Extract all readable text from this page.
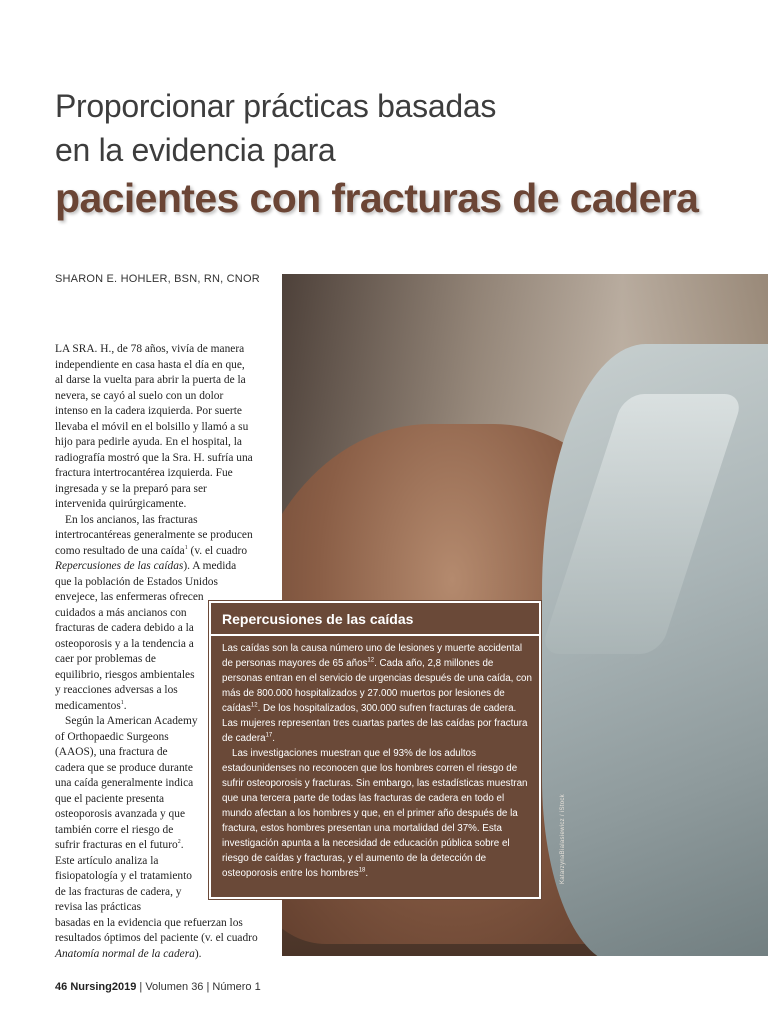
Proporcionar prácticas basadas
en la evidencia para
pacientes con fracturas de cadera
SHARON E. HOHLER, BSN, RN, CNOR
KatarzynaBialasiewicz / iStock

LA SRA. H., de 78 años, vivía de manera independiente en casa hasta el día en que, al darse la vuelta para abrir la puerta de la nevera, se cayó al suelo con un dolor intenso en la cadera izquierda. Por suerte llevaba el móvil en el bolsillo y llamó a su hijo para pedirle ayuda. En el hospital, la radiografía mostró que la Sra. H. sufría una fractura intertrocantérea izquierda. Fue ingresada y se la preparó para ser intervenida quirúrgicamente.

En los ancianos, las fracturas intertrocantéreas generalmente se producen como resultado de una caída$^1$ (v. el cuadro Repercusiones de las caídas). A medida que la población de Estados Unidos envejece, las enfermeras ofrecen

cuidados a más ancianos con fracturas de cadera debido a la osteoporosis y a la tendencia a caer por problemas de equilibrio, riesgos ambientales y reacciones adversas a los medicamentos$^1$.

Según la American Academy of Orthopaedic Surgeons (AAOS), una fractura de cadera que se produce durante una caída generalmente indica que el paciente presenta osteoporosis avanzada y que también corre el riesgo de sufrir fracturas en el futuro$^2$. Este artículo analiza la fisiopatología y el tratamiento de las fracturas de cadera, y revisa las prácticas

basadas en la evidencia que refuerzan los resultados óptimos del paciente (v. el cuadro Anatomía normal de la cadera).

Repercusiones de las caídas

Las caídas son la causa número uno de lesiones y muerte accidental de personas mayores de 65 años$^{12}$. Cada año, 2,8 millones de personas entran en el servicio de urgencias después de una caída, con más de 800.000 hospitalizados y 27.000 muertos por lesiones de caídas$^{12}$. De los hospitalizados, 300.000 sufren fracturas de cadera. Las mujeres representan tres cuartas partes de las caídas por fractura de cadera$^{17}$.

Las investigaciones muestran que el 93% de los adultos estadounidenses no reconocen que los hombres corren el riesgo de sufrir osteoporosis y fracturas. Sin embargo, las estadísticas muestran que una tercera parte de todas las fracturas de cadera en todo el mundo afectan a los hombres y que, en el primer año después de la fractura, estos hombres presentan una mortalidad del 37%. Esta investigación apunta a la necesidad de educación pública sobre el riesgo de caídas y fracturas, y el aumento de la detección de osteoporosis entre los hombres$^{18}$.

46 Nursing2019 | Volumen 36 | Número 1
